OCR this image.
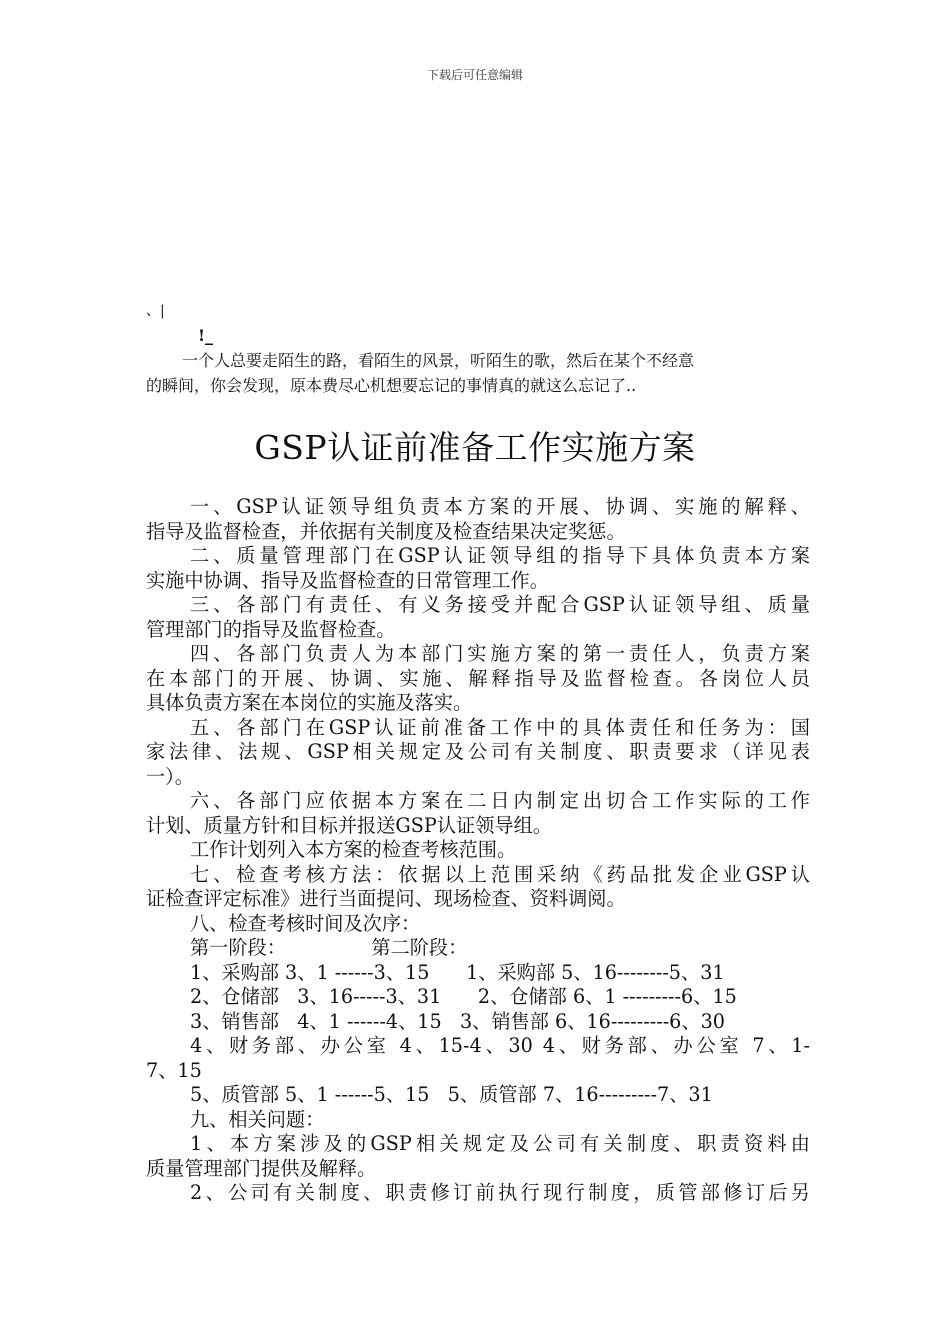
下载后可任意编辑
、|
!_
一个人总要走陌生的路，看陌生的风景，听陌生的歌，然后在某个不经意
的瞬间，你会发现，原本费尽心机想要忘记的事情真的就这么忘记了..
GSP认证前准备工作实施方案
一、GSP认证领导组负责本方案的开展、协调、实施的解释、
指导及监督检查，并依据有关制度及检查结果决定奖惩。
二、质量管理部门在GSP认证领导组的指导下具体负责本方案
实施中协调、指导及监督检查的日常管理工作。
三、各部门有责任、有义务接受并配合GSP认证领导组、质量
管理部门的指导及监督检查。
四、各部门负责人为本部门实施方案的第一责任人，负责方案
在本部门的开展、协调、实施、解释指导及监督检查。各岗位人员
具体负责方案在本岗位的实施及落实。
五、各部门在GSP认证前准备工作中的具体责任和任务为：国
家法律、法规、GSP相关规定及公司有关制度、职责要求（详见表
一）。
六、各部门应依据本方案在二日内制定出切合工作实际的工作
计划、质量方针和目标并报送GSP认证领导组。
工作计划列入本方案的检查考核范围。
七、检查考核方法：依据以上范围采纳《药品批发企业GSP认
证检查评定标准》进行当面提问、现场检查、资料调阅。
八、检查考核时间及次序：
第一阶段：              第二阶段：
1、采购部 3、1 ------3、15      1、采购部 5、16--------5、31
2、仓储部   3、16-----3、31      2、仓储部 6、1 ---------6、15
3、销售部   4、1 ------4、15   3、销售部 6、16---------6、30
4、财务部、办公室 4、15-4、30 4、财务部、办公室 7、1-
7、15
5、质管部 5、1 ------5、15   5、质管部 7、16---------7、31
九、相关问题：
1、本方案涉及的GSP相关规定及公司有关制度、职责资料由
质量管理部门提供及解释。
2、公司有关制度、职责修订前执行现行制度，质管部修订后另
